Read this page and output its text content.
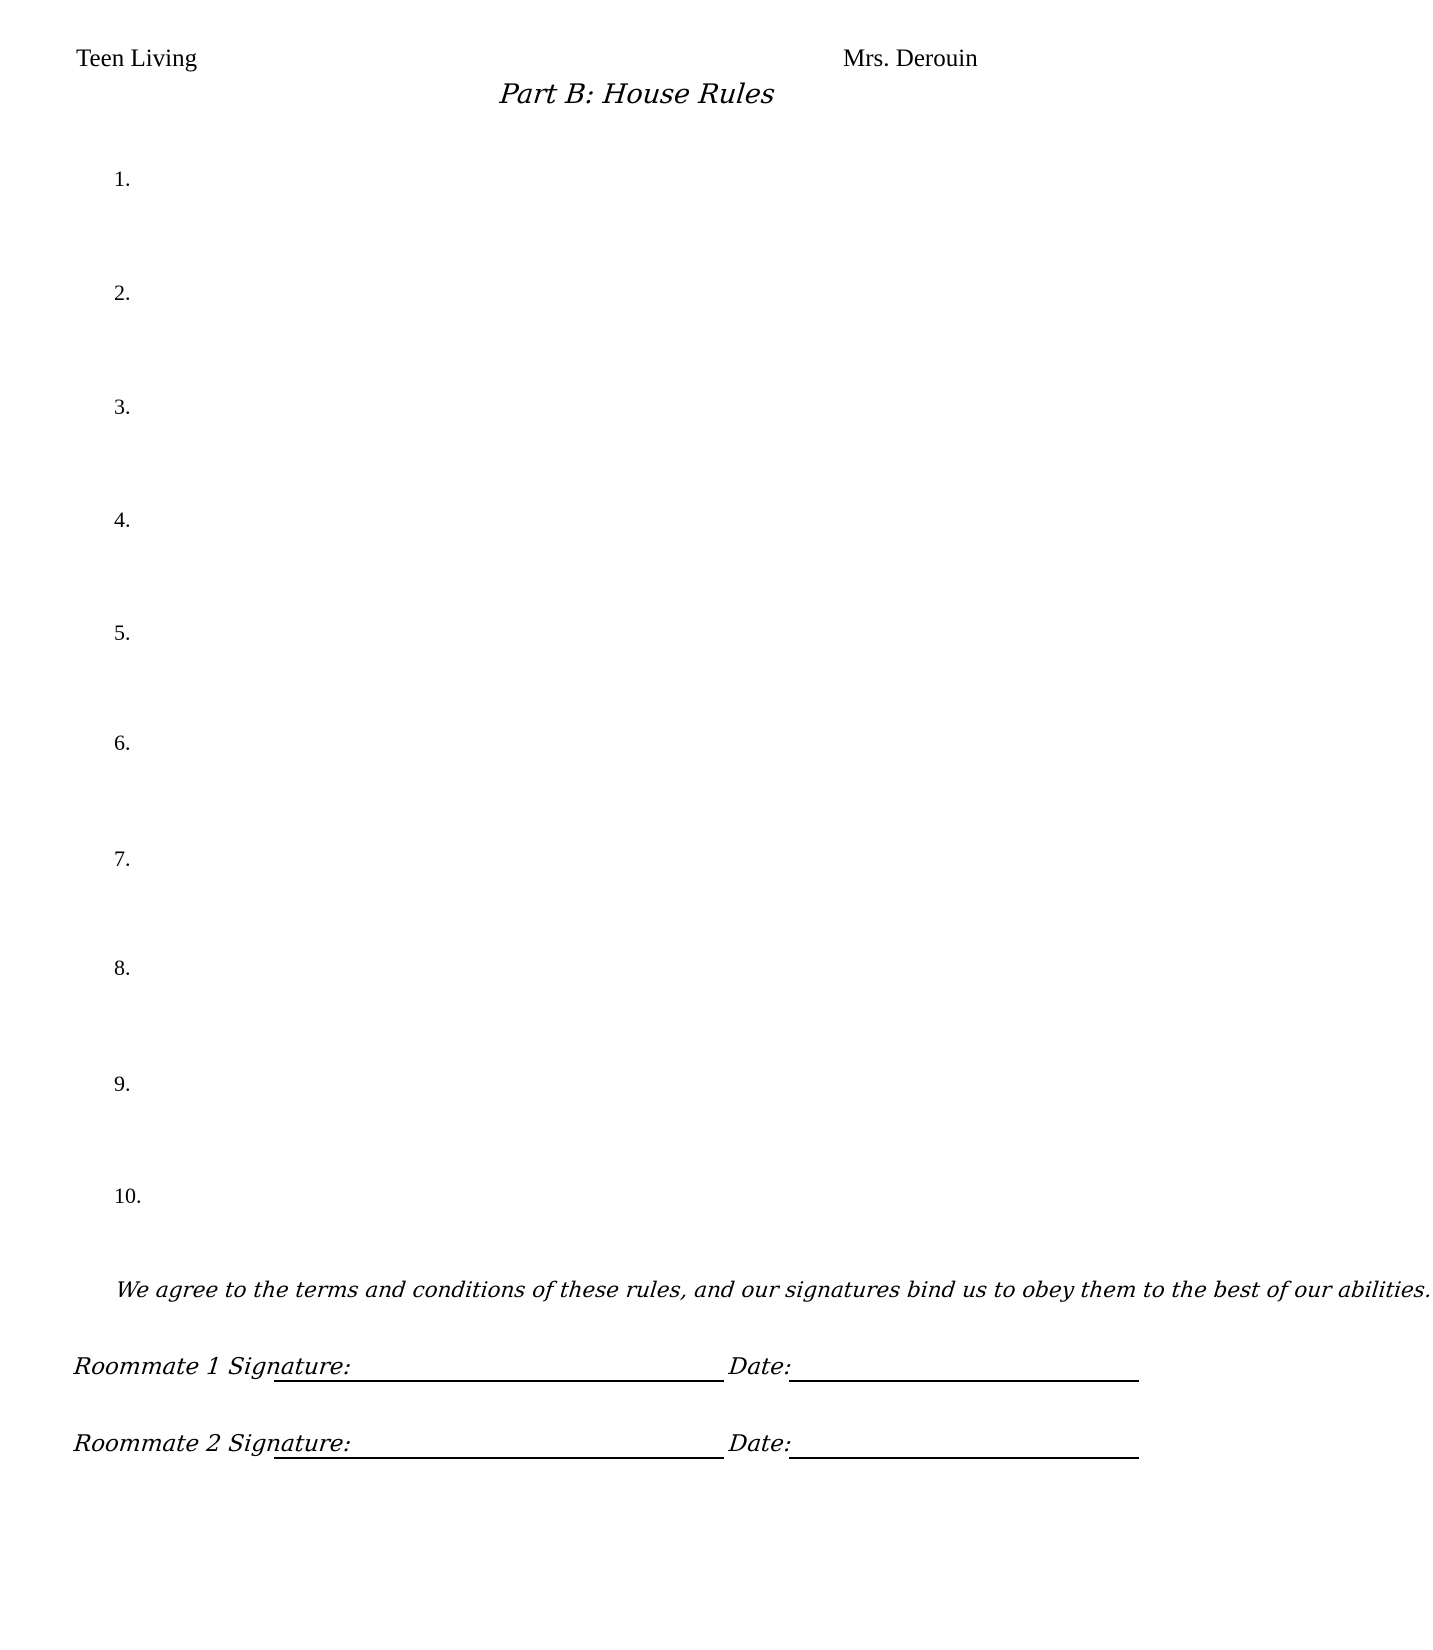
Teen Living	Mrs. Derouin
Part B: House Rules
1.
2.
3.
4.
5.
6.
7.
8.
9.
10.
We agree to the terms and conditions of these rules, and our signatures bind us to obey them to the best of our abilities.
Roommate 1 Signature:	Date:
Roommate 2 Signature:	Date:
